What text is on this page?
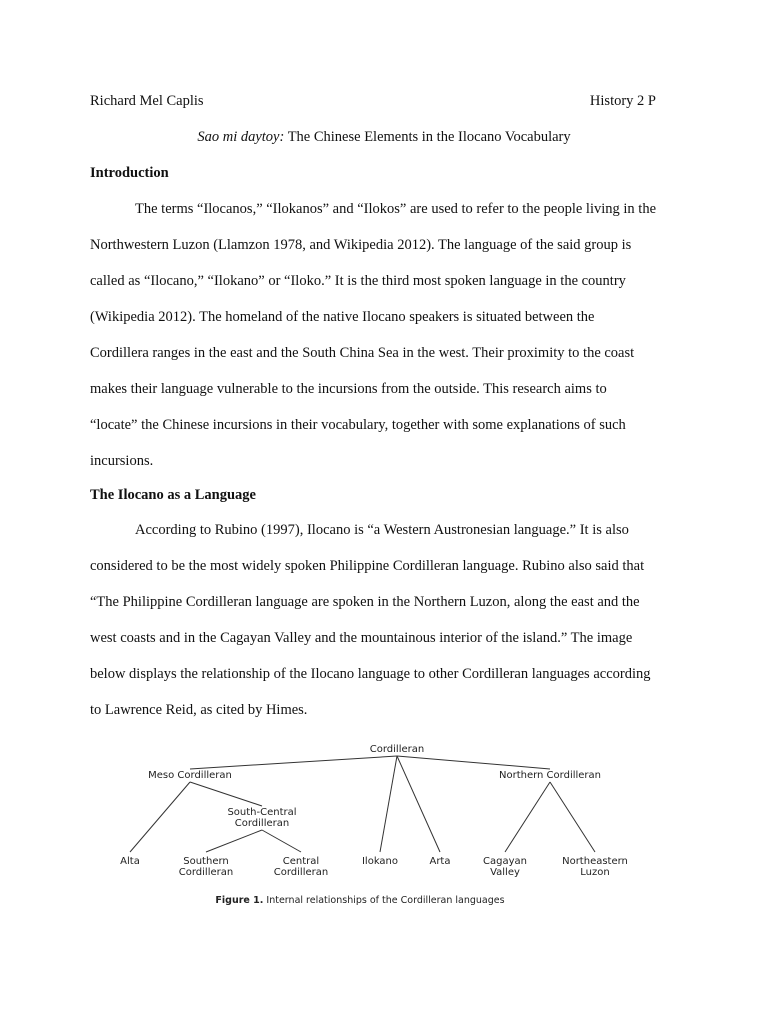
Richard Mel Caplis	History 2 P
Sao mi daytoy: The Chinese Elements in the Ilocano Vocabulary
Introduction
The terms “Ilocanos,” “Ilokanos” and “Ilokos” are used to refer to the people living in the
Northwestern Luzon (Llamzon 1978, and Wikipedia 2012). The language of the said group is
called as “Ilocano,” “Ilokano” or “Iloko.” It is the third most spoken language in the country
(Wikipedia 2012). The homeland of the native Ilocano speakers is situated between the
Cordillera ranges in the east and the South China Sea in the west. Their proximity to the coast
makes their language vulnerable to the incursions from the outside. This research aims to
“locate” the Chinese incursions in their vocabulary, together with some explanations of such
incursions.
The Ilocano as a Language
According to Rubino (1997), Ilocano is “a Western Austronesian language.” It is also
considered to be the most widely spoken Philippine Cordilleran language. Rubino also said that
“The Philippine Cordilleran language are spoken in the Northern Luzon, along the east and the
west coasts and in the Cagayan Valley and the mountainous interior of the island.” The image
below displays the relationship of the Ilocano language to other Cordilleran languages according
to Lawrence Reid, as cited by Himes.
Cordilleran
Meso Cordilleran	Northern Cordilleran
South-Central
Cordilleran
Alta	Southern
Cordilleran
Central
Cordilleran
Ilokano	Arta	Cagayan
Valley
Northeastern
Luzon
Figure 1. Internal relationships of the Cordilleran languages
